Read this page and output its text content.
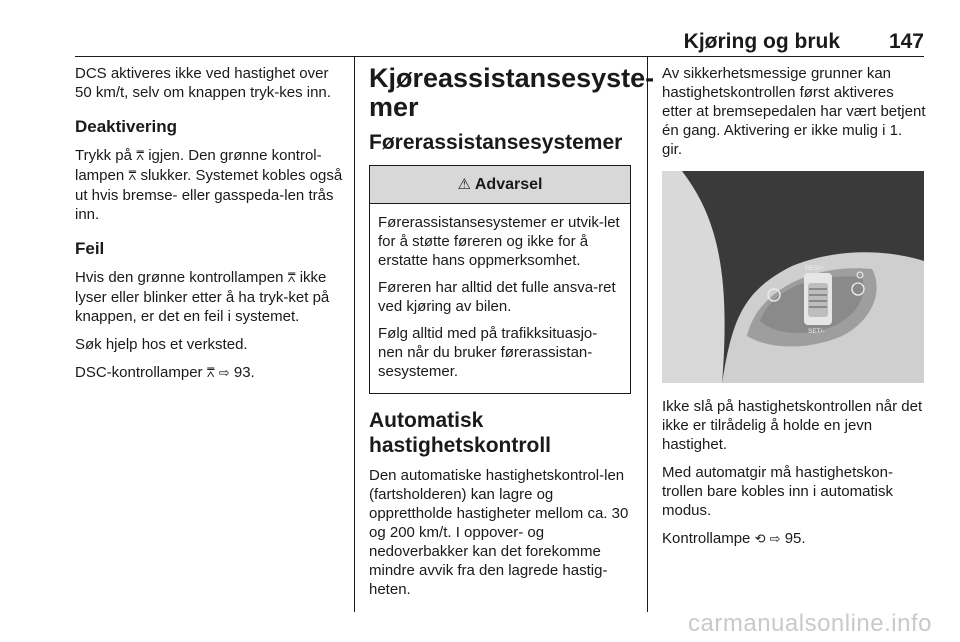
Kjøring og bruk 147

DCS aktiveres ikke ved hastighet over 50 km/t, selv om knappen tryk-kes inn.

Deaktivering

Trykk på ⩞ igjen. Den grønne kontrol-lampen ⩞ slukker. Systemet kobles også ut hvis bremse- eller gasspeda-len trås inn.

Feil

Hvis den grønne kontrollampen ⩞ ikke lyser eller blinker etter å ha tryk-ket på knappen, er det en feil i systemet.

Søk hjelp hos et verksted.

DSC-kontrollamper ⩞ ⇨ 93.

Kjøreassistansesyste-mer
Førerassistansesystemer
⚠ Advarsel

Førerassistansesystemer er utvik-let for å støtte føreren og ikke for å erstatte hans oppmerksomhet.

Føreren har alltid det fulle ansva-ret ved kjøring av bilen.

Følg alltid med på trafikksituasjo-nen når du bruker førerassistan-sesystemer.

Automatisk hastighetskontroll

Den automatiske hastighetskontrol-len (fartsholderen) kan lagre og opprettholde hastigheter mellom ca. 30 og 200 km/t. I oppover- og nedoverbakker kan det forekomme mindre avvik fra den lagrede hastig-heten.

Av sikkerhetsmessige grunner kan hastighetskontrollen først aktiveres etter at bremsepedalen har vært betjent én gang. Aktivering er ikke mulig i 1. gir.

RES/+
SET/-

Ikke slå på hastighetskontrollen når det ikke er tilrådelig å holde en jevn hastighet.

Med automatgir må hastighetskon-trollen bare kobles inn i automatisk modus.

Kontrollampe ⟲ ⇨ 95.

carmanualsonline.info
